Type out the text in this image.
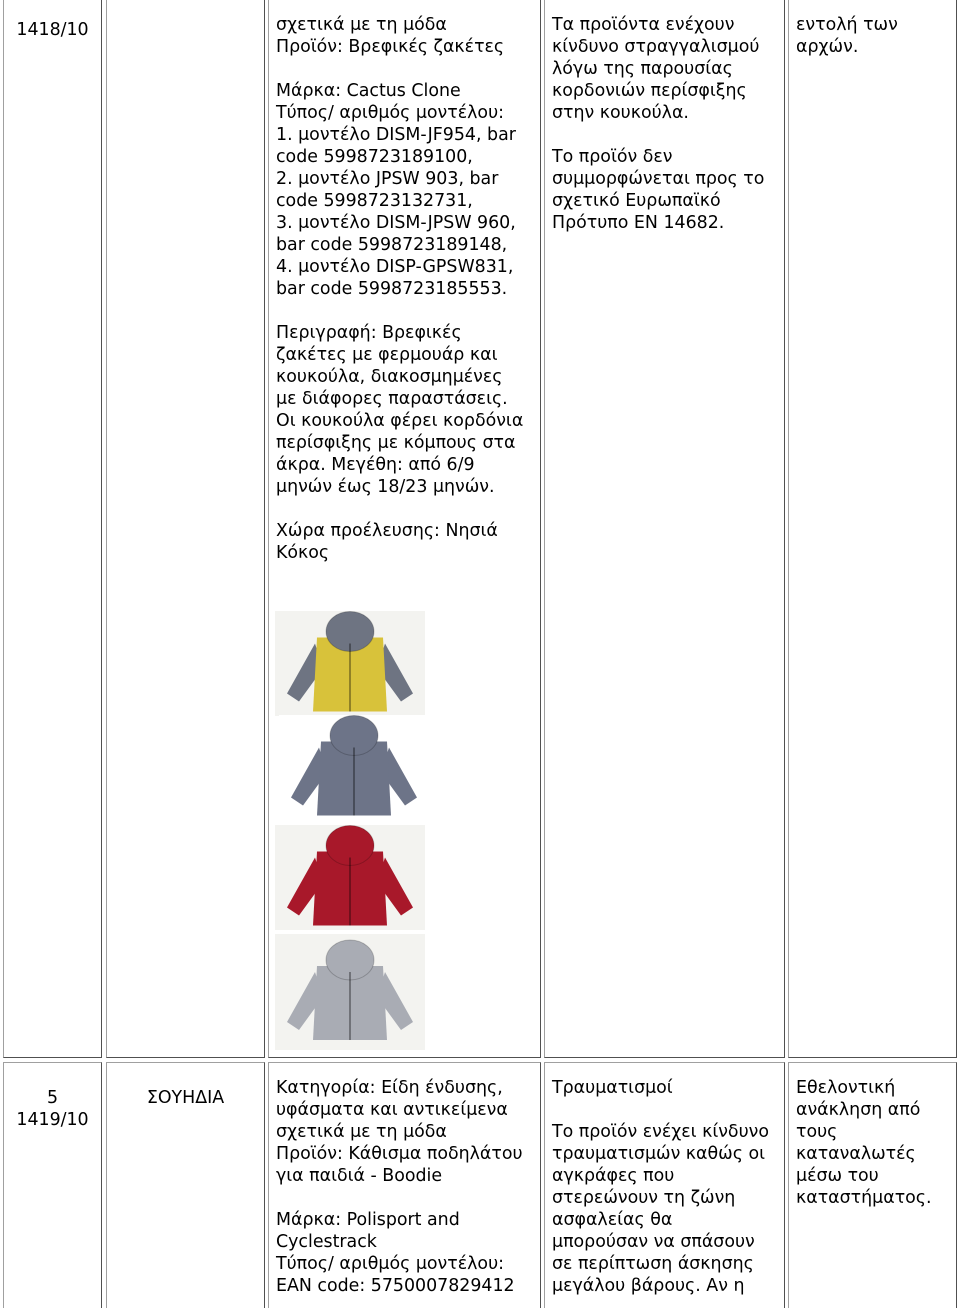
1418/10	σχετικά με τη μόδα
Προϊόν: Βρεφικές ζακέτες
Μάρκα: Cactus Clone
Τύπος/ αριθμός μοντέλου:
1. μοντέλο DISM-JF954, bar
code 5998723189100,
2. μοντέλο JPSW 903, bar
code 5998723132731,
3. μοντέλο DISM-JPSW 960,
bar code 5998723189148,
4. μοντέλο DISP-GPSW831,
bar code 5998723185553.
Περιγραφή: Βρεφικές
ζακέτες με φερμουάρ και
κουκούλα, διακοσμημένες
με διάφορες παραστάσεις.
Οι κουκούλα φέρει κορδόνια
περίσφιξης με κόμπους στα
άκρα. Μεγέθη: από 6/9
μηνών έως 18/23 μηνών.
Χώρα προέλευσης: Νησιά
Κόκος
Τα προϊόντα ενέχουν
κίνδυνο στραγγαλισμού
λόγω της παρουσίας
κορδονιών περίσφιξης
στην κουκούλα.
Το προϊόν δεν
συμμορφώνεται προς το
σχετικό Ευρωπαϊκό
Πρότυπο EN 14682.
εντολή των
αρχών.
5
1419/10
ΣΟΥΗΔΙΑ	Κατηγορία: Είδη ένδυσης,
υφάσματα και αντικείμενα
σχετικά με τη μόδα
Προϊόν: Κάθισμα ποδηλάτου
για παιδιά - Boodie
Μάρκα: Polisport and
Cyclestrack
Τύπος/ αριθμός μοντέλου:
EAN code: 5750007829412
Τραυματισμοί
Το προϊόν ενέχει κίνδυνο
τραυματισμών καθώς οι
αγκράφες που
στερεώνουν τη ζώνη
ασφαλείας θα
μπορούσαν να σπάσουν
σε περίπτωση άσκησης
μεγάλου βάρους. Αν η
Εθελοντική
ανάκληση από
τους
καταναλωτές
μέσω του
καταστήματος.
